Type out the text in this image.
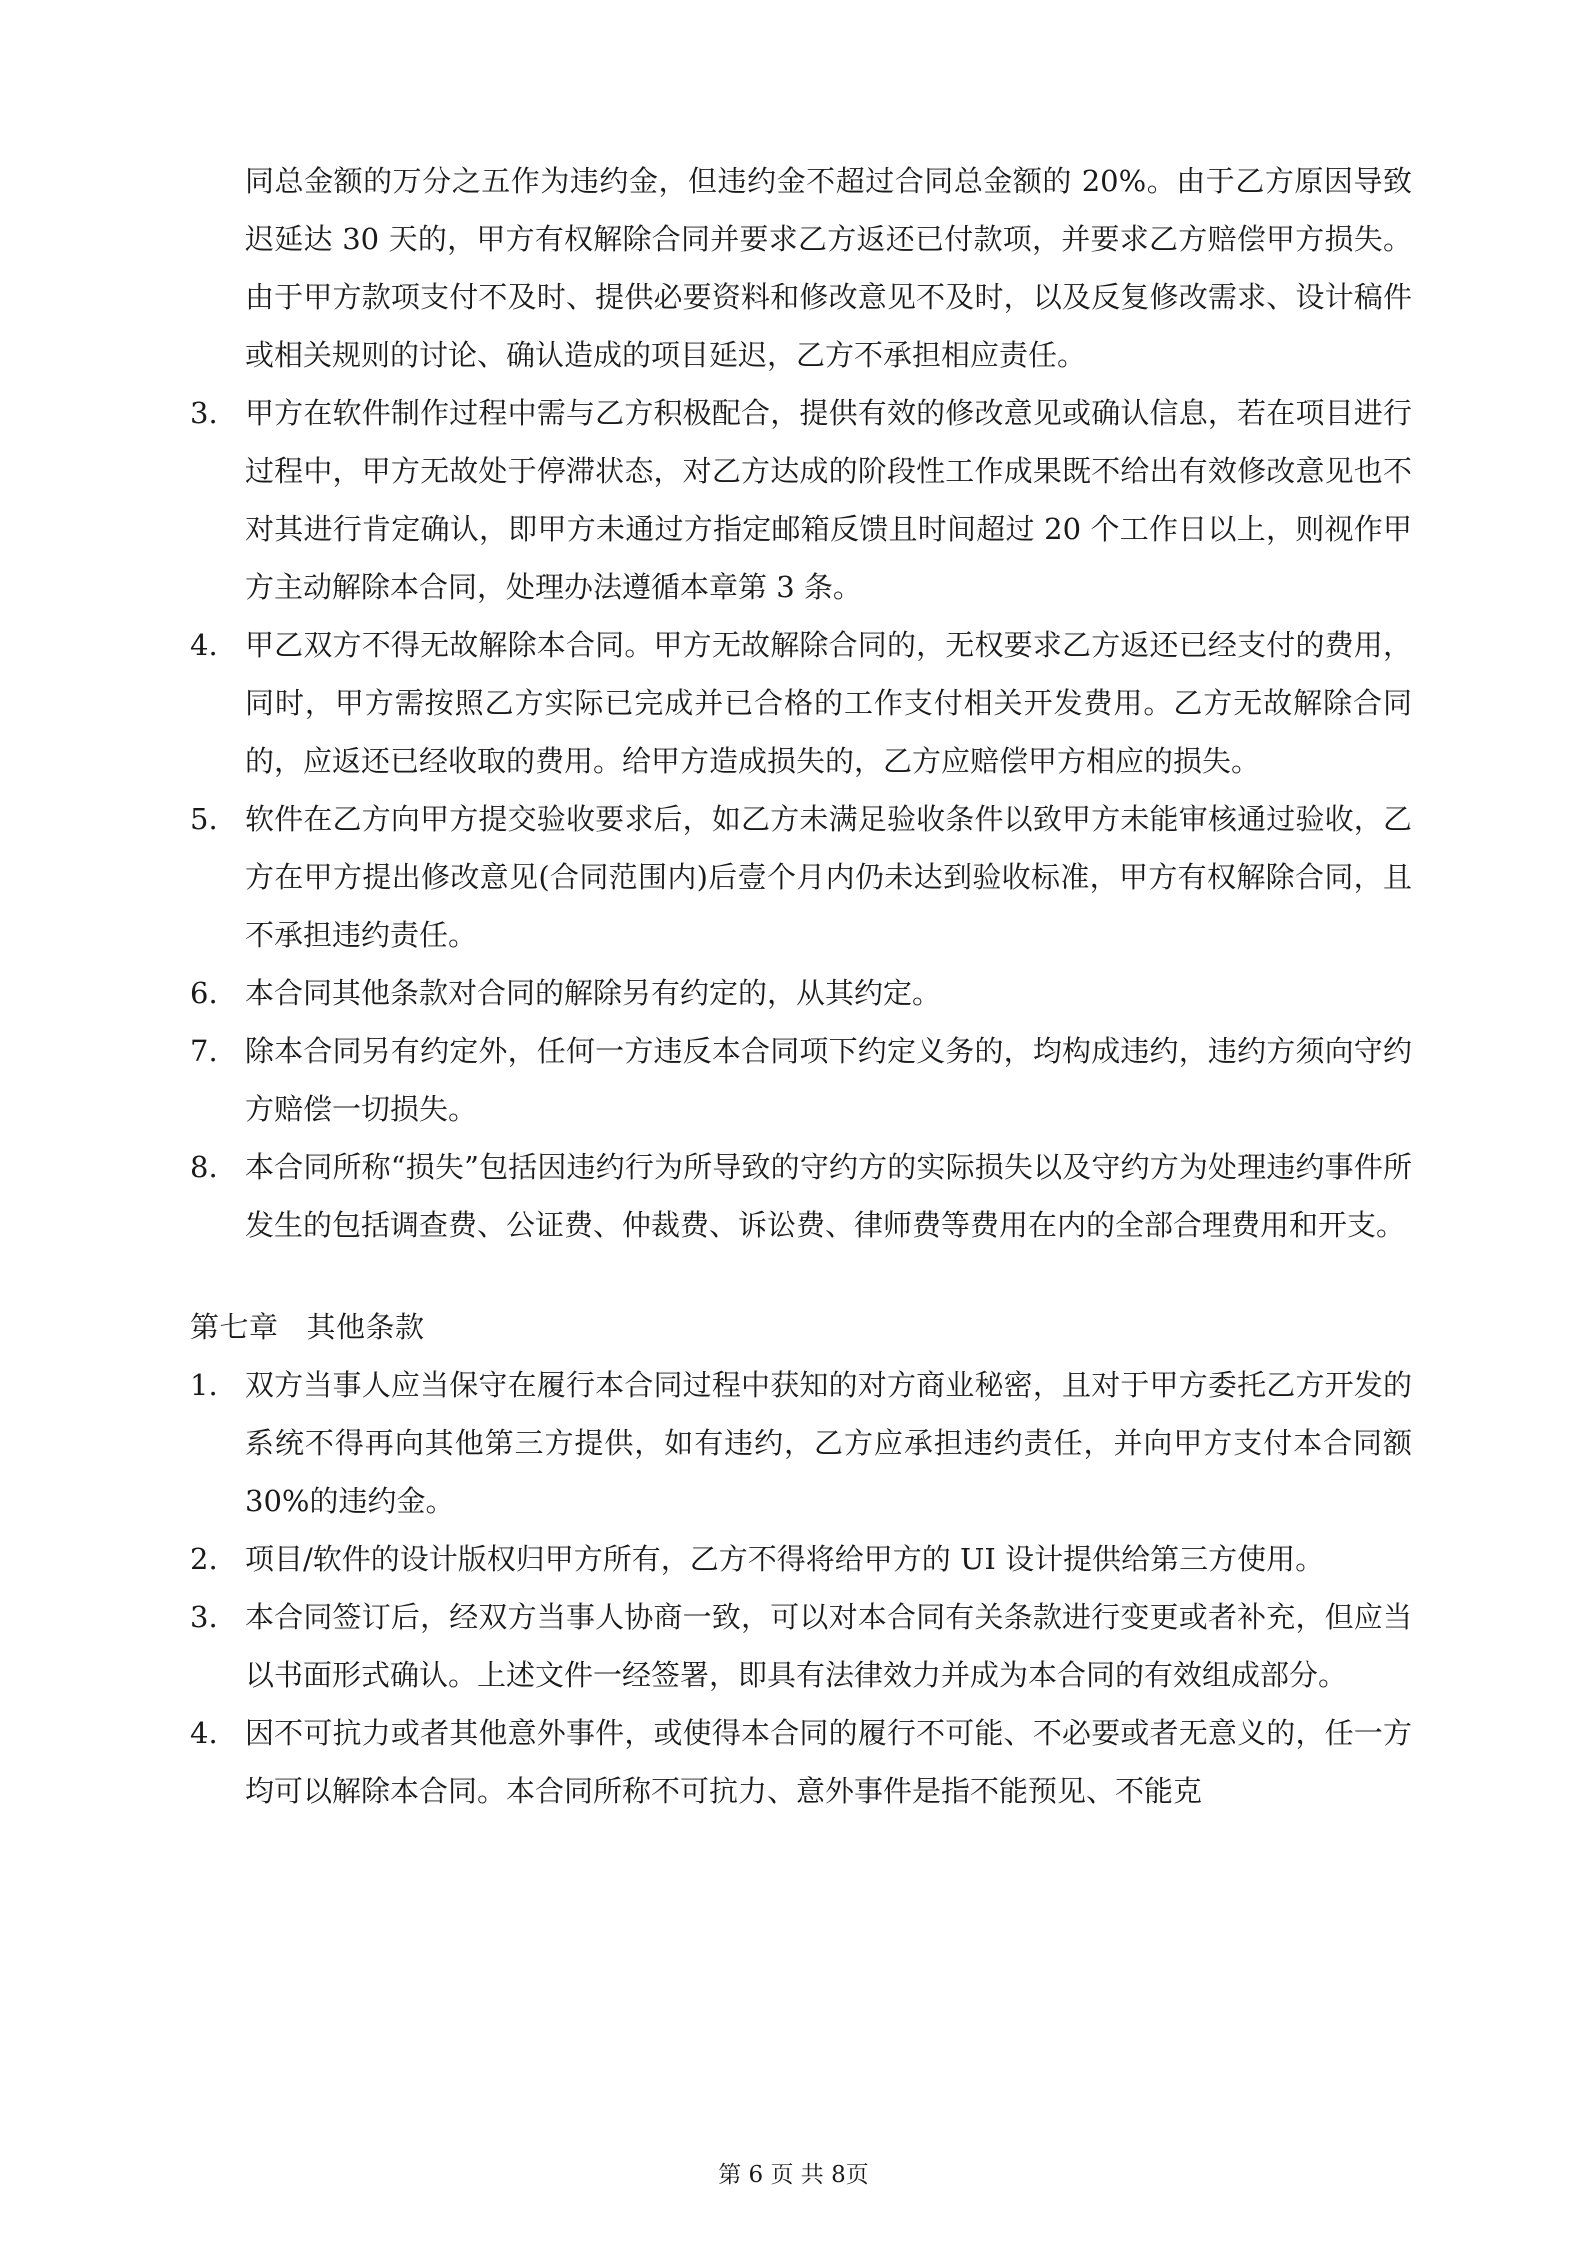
同总金额的万分之五作为违约金，但违约金不超过合同总金额的 20%。由于乙方原因导致迟延达 30 天的，甲方有权解除合同并要求乙方返还已付款项，并要求乙方赔偿甲方损失。由于甲方款项支付不及时、提供必要资料和修改意见不及时，以及反复修改需求、设计稿件或相关规则的讨论、确认造成的项目延迟，乙方不承担相应责任。

3. 甲方在软件制作过程中需与乙方积极配合，提供有效的修改意见或确认信息，若在项目进行过程中，甲方无故处于停滞状态，对乙方达成的阶段性工作成果既不给出有效修改意见也不对其进行肯定确认，即甲方未通过方指定邮箱反馈且时间超过 20 个工作日以上，则视作甲方主动解除本合同，处理办法遵循本章第 3 条。

4. 甲乙双方不得无故解除本合同。甲方无故解除合同的，无权要求乙方返还已经支付的费用，同时，甲方需按照乙方实际已完成并已合格的工作支付相关开发费用。乙方无故解除合同的，应返还已经收取的费用。给甲方造成损失的，乙方应赔偿甲方相应的损失。

5. 软件在乙方向甲方提交验收要求后，如乙方未满足验收条件以致甲方未能审核通过验收，乙方在甲方提出修改意见(合同范围内)后壹个月内仍未达到验收标准，甲方有权解除合同，且不承担违约责任。

6. 本合同其他条款对合同的解除另有约定的，从其约定。

7. 除本合同另有约定外，任何一方违反本合同项下约定义务的，均构成违约，违约方须向守约方赔偿一切损失。

8. 本合同所称“损失”包括因违约行为所导致的守约方的实际损失以及守约方为处理违约事件所发生的包括调查费、公证费、仲裁费、诉讼费、律师费等费用在内的全部合理费用和开支。

第七章 其他条款

1. 双方当事人应当保守在履行本合同过程中获知的对方商业秘密，且对于甲方委托乙方开发的系统不得再向其他第三方提供，如有违约，乙方应承担违约责任，并向甲方支付本合同额 30%的违约金。

2. 项目/软件的设计版权归甲方所有，乙方不得将给甲方的 UI 设计提供给第三方使用。

3. 本合同签订后，经双方当事人协商一致，可以对本合同有关条款进行变更或者补充，但应当以书面形式确认。上述文件一经签署，即具有法律效力并成为本合同的有效组成部分。

4. 因不可抗力或者其他意外事件，或使得本合同的履行不可能、不必要或者无意义的，任一方均可以解除本合同。本合同所称不可抗力、意外事件是指不能预见、不能克

第 6 页 共 8页
